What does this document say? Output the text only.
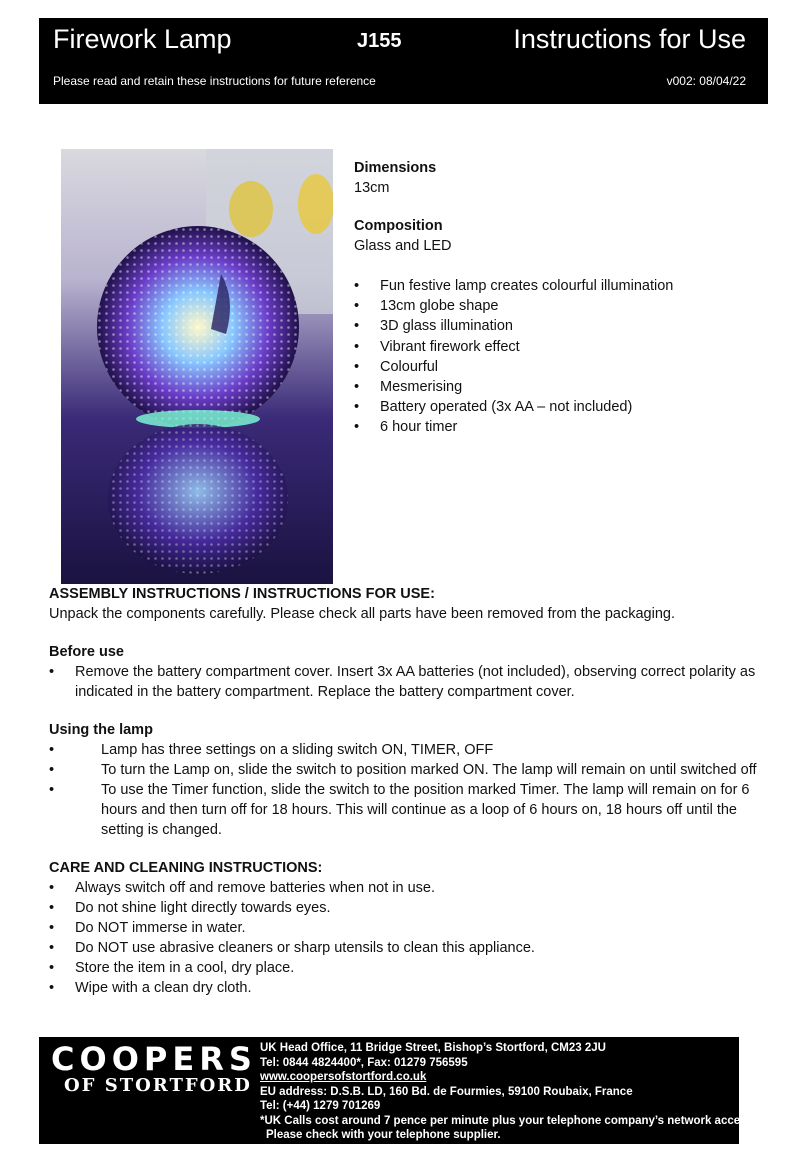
Firework Lamp	J155	Instructions for Use
Please read and retain these instructions for future reference	v002: 08/04/22
Dimensions
13cm
Composition
Glass and LED
• Fun festive lamp creates colourful illumination
• 13cm globe shape
• 3D glass illumination
• Vibrant firework effect
• Colourful
• Mesmerising
• Battery operated (3x AA – not included)
• 6 hour timer

ASSEMBLY INSTRUCTIONS / INSTRUCTIONS FOR USE:

Unpack the components carefully. Please check all parts have been removed from the packaging.

Before use

• Remove the battery compartment cover. Insert 3x AA batteries (not included), observing correct polarity as indicated in the battery compartment. Replace the battery compartment cover.

Using the lamp

•	Lamp has three settings on a sliding switch ON, TIMER, OFF
•	To turn the Lamp on, slide the switch to position marked ON. The lamp will remain on until switched off
•	To use the Timer function, slide the switch to the position marked Timer. The lamp will remain on for 6 hours and then turn off for 18 hours. This will continue as a loop of 6 hours on, 18 hours off until the setting is changed.

CARE AND CLEANING INSTRUCTIONS:

• Always switch off and remove batteries when not in use.
• Do not shine light directly towards eyes.
• Do NOT immerse in water.
• Do NOT use abrasive cleaners or sharp utensils to clean this appliance.
• Store the item in a cool, dry place.
• Wipe with a clean dry cloth.
COOPERS
OF STORTFORD
UK Head Office, 11 Bridge Street, Bishop’s Stortford, CM23 2JU
Tel: 0844 4824400*, Fax: 01279 756595
www.coopersofstortford.co.uk
EU address: D.S.B. LD, 160 Bd. de Fourmies, 59100 Roubaix, France
Tel: (+44) 1279 701269
*UK Calls cost around 7 pence per minute plus your telephone company’s network access.
Please check with your telephone supplier.
